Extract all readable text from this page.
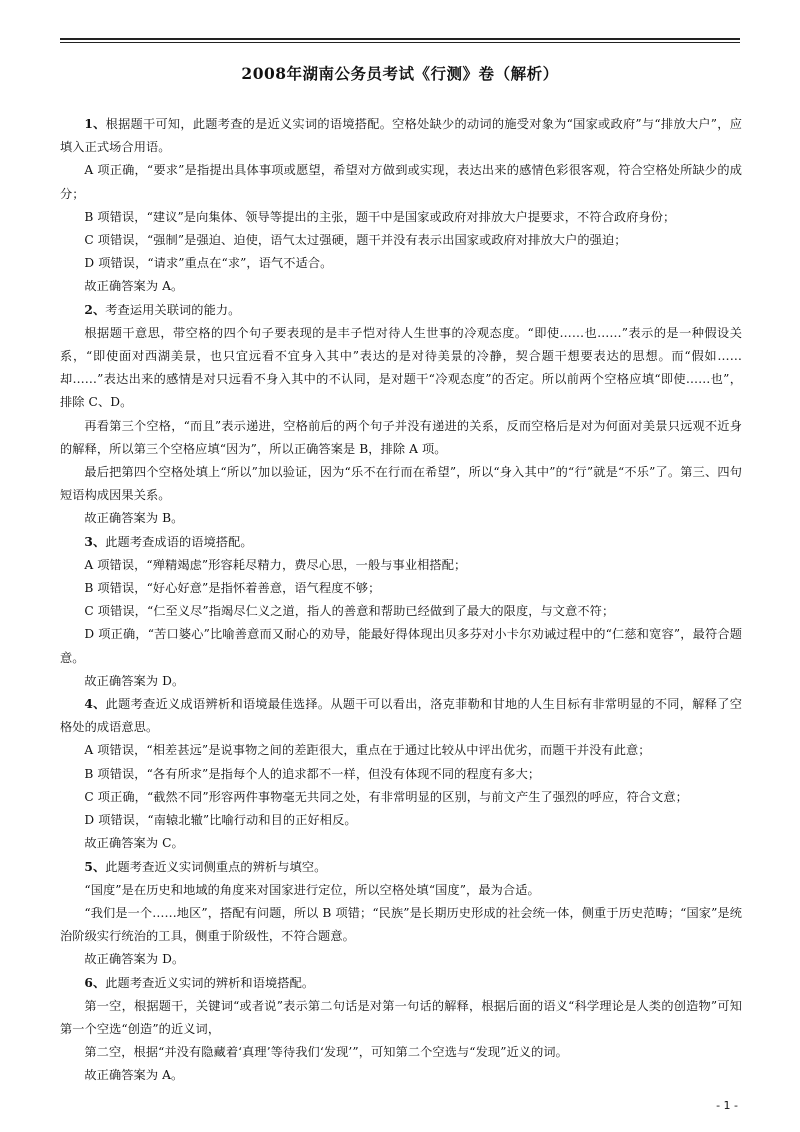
2008年湖南公务员考试《行测》卷（解析）

1、根据题干可知，此题考查的是近义实词的语境搭配。空格处缺少的动词的施受对象为“国家或政府”与“排放大户”，应填入正式场合用语。

A 项正确，“要求”是指提出具体事项或愿望，希望对方做到或实现，表达出来的感情色彩很客观，符合空格处所缺少的成分；

B 项错误，“建议”是向集体、领导等提出的主张，题干中是国家或政府对排放大户提要求，不符合政府身份；

C 项错误，“强制”是强迫、迫使，语气太过强硬，题干并没有表示出国家或政府对排放大户的强迫；

D 项错误，“请求”重点在“求”，语气不适合。

故正确答案为 A。

2、考查运用关联词的能力。

根据题干意思，带空格的四个句子要表现的是丰子恺对待人生世事的冷观态度。“即使……也……”表示的是一种假设关系，“即使面对西湖美景，也只宜远看不宜身入其中”表达的是对待美景的冷静，契合题干想要表达的思想。而“假如……却……”表达出来的感情是对只远看不身入其中的不认同，是对题干“冷观态度”的否定。所以前两个空格应填“即使……也”，排除 C、D。

再看第三个空格，“而且”表示递进，空格前后的两个句子并没有递进的关系，反而空格后是对为何面对美景只远观不近身的解释，所以第三个空格应填“因为”，所以正确答案是 B，排除 A 项。

最后把第四个空格处填上“所以”加以验证，因为“乐不在行而在希望”，所以“身入其中”的“行”就是“不乐”了。第三、四句短语构成因果关系。

故正确答案为 B。

3、此题考查成语的语境搭配。

A 项错误，“殚精竭虑”形容耗尽精力，费尽心思，一般与事业相搭配；

B 项错误，“好心好意”是指怀着善意，语气程度不够；

C 项错误，“仁至义尽”指竭尽仁义之道，指人的善意和帮助已经做到了最大的限度，与文意不符；

D 项正确，“苦口婆心”比喻善意而又耐心的劝导，能最好得体现出贝多芬对小卡尔劝诫过程中的“仁慈和宽容”，最符合题意。

故正确答案为 D。

4、此题考查近义成语辨析和语境最佳选择。从题干可以看出，洛克菲勒和甘地的人生目标有非常明显的不同，解释了空格处的成语意思。

A 项错误，“相差甚远”是说事物之间的差距很大，重点在于通过比较从中评出优劣，而题干并没有此意；

B 项错误，“各有所求”是指每个人的追求都不一样，但没有体现不同的程度有多大；

C 项正确，“截然不同”形容两件事物毫无共同之处，有非常明显的区别，与前文产生了强烈的呼应，符合文意；

D 项错误，“南辕北辙”比喻行动和目的正好相反。

故正确答案为 C。

5、此题考查近义实词侧重点的辨析与填空。

“国度”是在历史和地域的角度来对国家进行定位，所以空格处填“国度”，最为合适。

“我们是一个……地区”，搭配有问题，所以 B 项错；“民族”是长期历史形成的社会统一体，侧重于历史范畴；“国家”是统治阶级实行统治的工具，侧重于阶级性，不符合题意。

故正确答案为 D。

6、此题考查近义实词的辨析和语境搭配。

第一空，根据题干，关键词“或者说”表示第二句话是对第一句话的解释，根据后面的语义“科学理论是人类的创造物”可知第一个空选“创造”的近义词，

第二空，根据“并没有隐藏着‘真理’等待我们‘发现’”，可知第二个空选与“发现”近义的词。

故正确答案为 A。

- 1 -
